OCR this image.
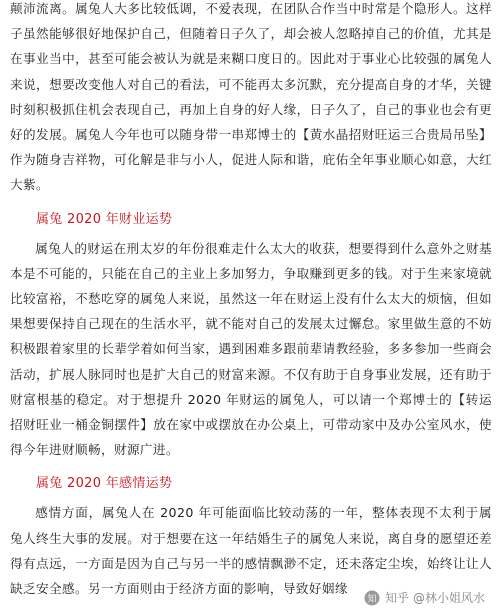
颠沛流离。属兔人大多比较低调，不爱表现，在团队合作当中时常是个隐形人。这样子虽然能够很好地保护自己，但随着日子久了，却会被人忽略掉自己的价值，尤其是在事业当中，甚至可能会被认为就是来糊口度日的。因此对于事业心比较强的属兔人来说，想要改变他人对自己的看法，可不能再太多沉默，充分提高自身的才华，关键时刻积极抓住机会表现自己，再加上自身的好人缘，日子久了，自己的事业也会有更好的发展。属兔人今年也可以随身带一串郑博士的【黄水晶招财旺运三合贵局吊坠】作为随身吉祥物，可化解是非与小人，促进人际和谐，庇佑全年事业顺心如意，大红大紫。

属兔 2020 年财业运势

属兔人的财运在刑太岁的年份很难走什么太大的收获，想要得到什么意外之财基本是不可能的，只能在自己的主业上多加努力，争取赚到更多的钱。对于生来家境就比较富裕，不愁吃穿的属兔人来说，虽然这一年在财运上没有什么太大的烦恼，但如果想要保持自己现在的生活水平，就不能对自己的发展太过懈怠。家里做生意的不妨积极跟着家里的长辈学着如何当家，遇到困难多跟前辈请教经验，多多参加一些商会活动，扩展人脉同时也是扩大自己的财富来源。不仅有助于自身事业发展，还有助于财富根基的稳定。对于想提升 2020 年财运的属兔人，可以请一个郑博士的【转运招财旺业一桶金铜摆件】放在家中或摆放在办公桌上，可带动家中及办公室风水，使得今年进财顺畅，财源广进。

属兔 2020 年感情运势

感情方面，属兔人在 2020 年可能面临比较动荡的一年，整体表现不太利于属兔人终生大事的发展。对于想要在这一年结婚生子的属兔人来说，离自身的愿望还差得有点远，一方面是因为自己与另一半的感情飘渺不定，还未落定尘埃，始终让让人缺乏安全感。另一方面则由于经济方面的影响，导致好姻缘

知 知乎 @林小姐风水
